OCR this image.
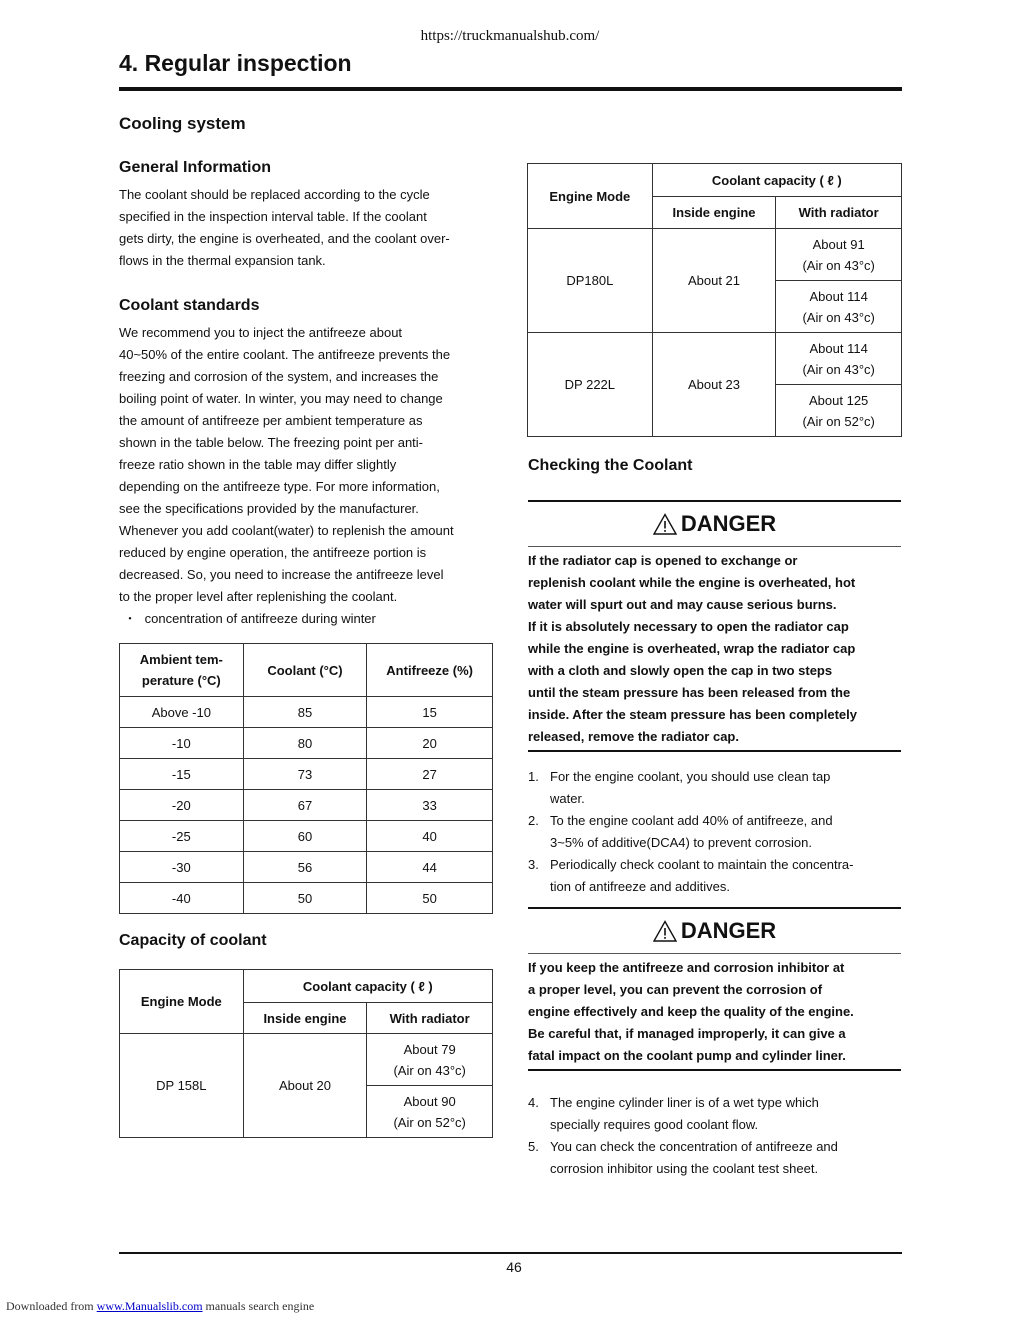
https://truckmanualshub.com/
4. Regular inspection
Cooling system
General Information

The coolant should be replaced according to the cycle

specified in the inspection interval table. If the coolant

gets dirty, the engine is overheated, and the coolant over-

flows in the thermal expansion tank.

Coolant standards

We recommend you to inject the antifreeze about

40~50% of the entire coolant. The antifreeze prevents the

freezing and corrosion of the system, and increases the

boiling point of water. In winter, you may need to change

the amount of antifreeze per ambient temperature as

shown in the table below. The freezing point per anti-

freeze ratio shown in the table may differ slightly

depending on the antifreeze type. For more information,

see the specifications provided by the manufacturer.

Whenever you add coolant(water) to replenish the amount

reduced by engine operation, the antifreeze portion is

decreased. So, you need to increase the antifreeze level

to the proper level after replenishing the coolant.

・ concentration of antifreeze during winter

Ambient tem-
perature (°C)	Coolant (°C)	Antifreeze (%)
Above -10	85	15
-10	80	20
-15	73	27
-20	67	33
-25	60	40
-30	56	44
-40	50	50
Capacity of coolant
Engine Mode	Coolant capacity ( ℓ )	
	Inside engine	With radiator
DP 158L	About 20	About 79
(Air on 43°c)
		About 90
(Air on 52°c)
Engine Mode	Coolant capacity ( ℓ )	
	Inside engine	With radiator
DP180L	About 21	About 91
(Air on 43°c)
		About 114
(Air on 43°c)
DP 222L	About 23	About 114
(Air on 43°c)
		About 125
(Air on 52°c)
Checking the Coolant
DANGER

If the radiator cap is opened to exchange or

replenish coolant while the engine is overheated, hot

water will spurt out and may cause serious burns.

If it is absolutely necessary to open the radiator cap

while the engine is overheated, wrap the radiator cap

with a cloth and slowly open the cap in two steps

until the steam pressure has been released from the

inside. After the steam pressure has been completely

released, remove the radiator cap.

1. For the engine coolant, you should use clean tap
water.
2. To the engine coolant add 40% of antifreeze, and
3~5% of additive(DCA4) to prevent corrosion.
3. Periodically check coolant to maintain the concentra-
tion of antifreeze and additives.
DANGER

If you keep the antifreeze and corrosion inhibitor at

a proper level, you can prevent the corrosion of

engine effectively and keep the quality of the engine.

Be careful that, if managed improperly, it can give a

fatal impact on the coolant pump and cylinder liner.

4. The engine cylinder liner is of a wet type which
specially requires good coolant flow.
5. You can check the concentration of antifreeze and
corrosion inhibitor using the coolant test sheet.
46
Downloaded from www.Manualslib.com manuals search engine
